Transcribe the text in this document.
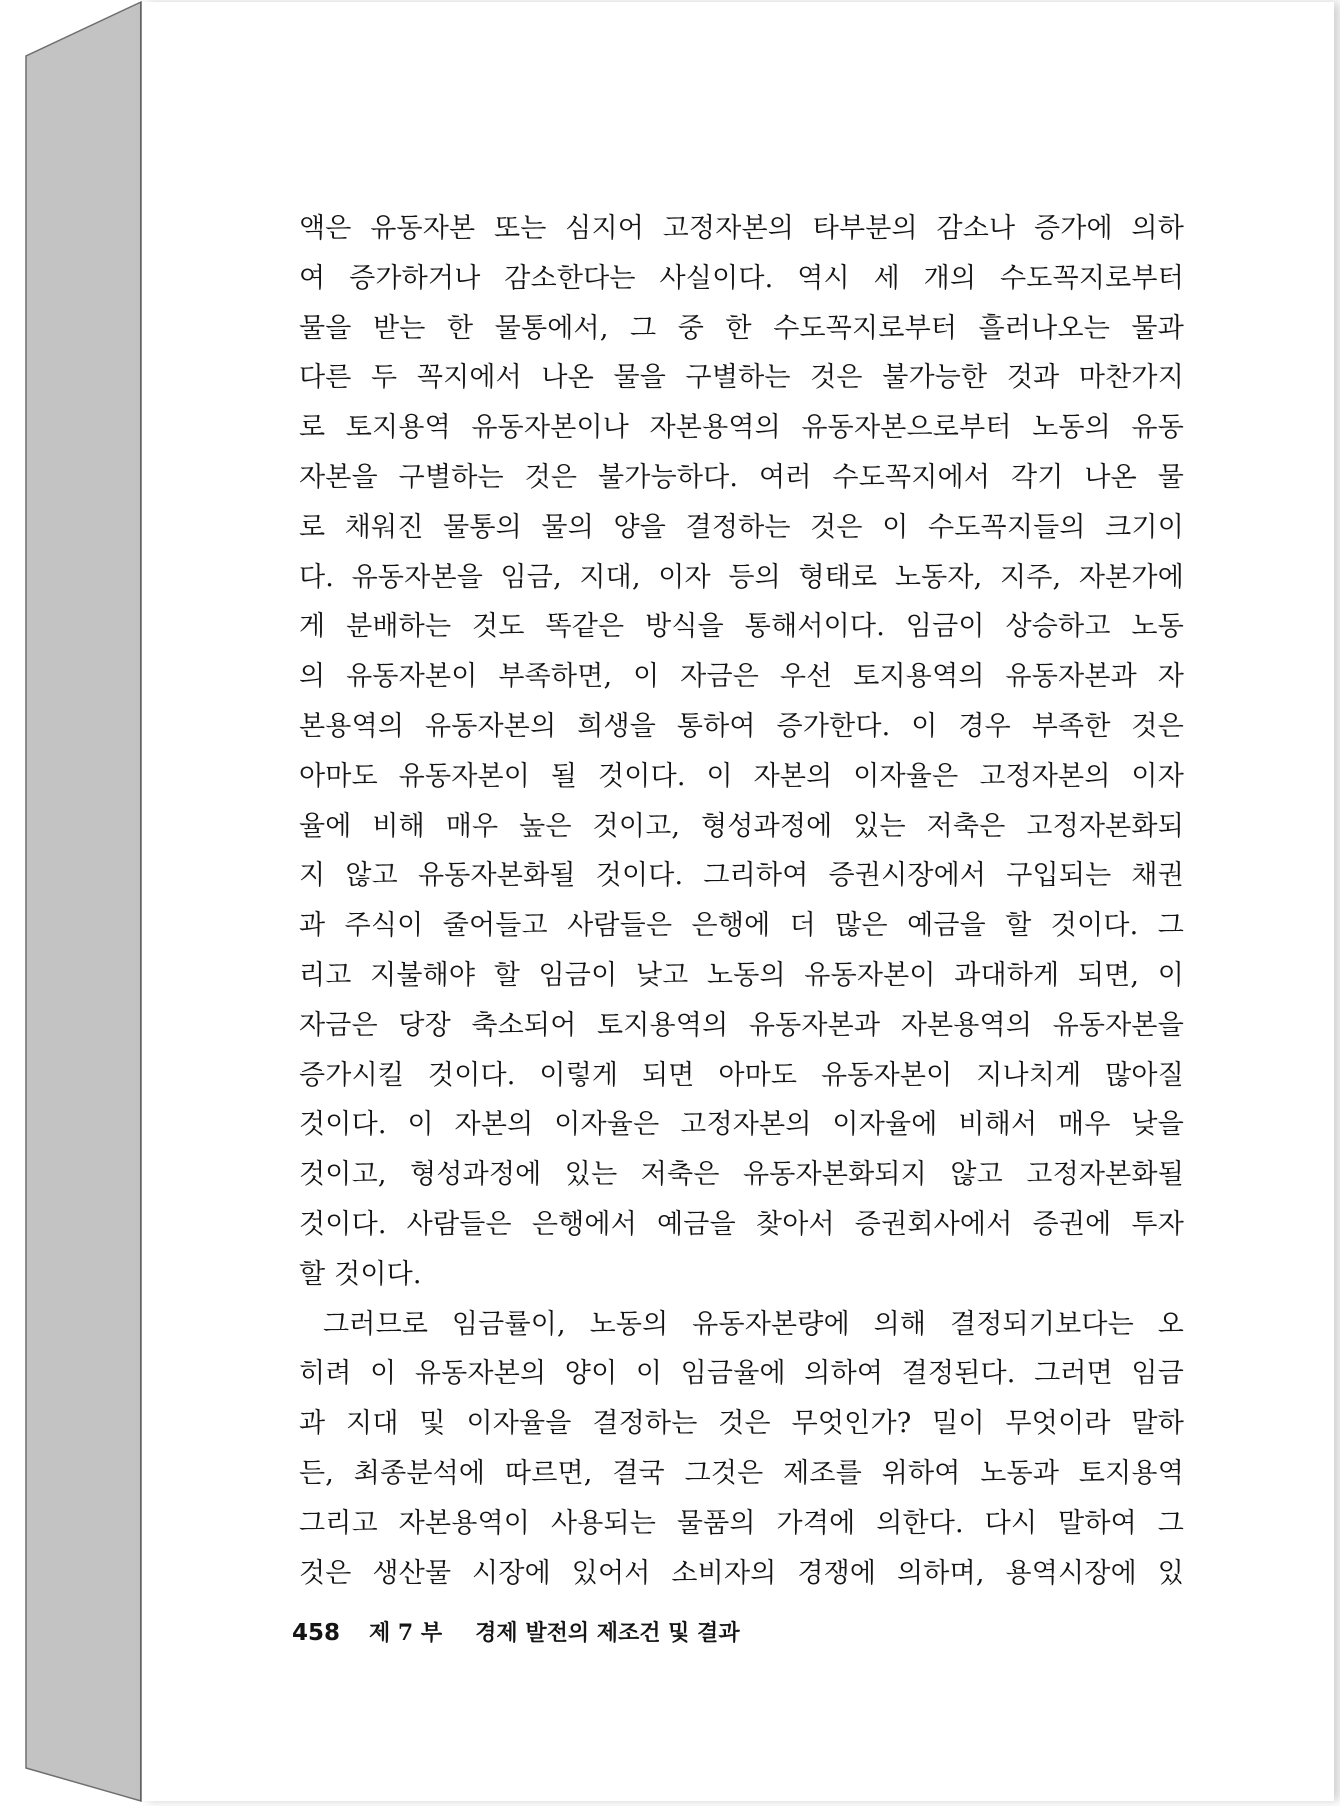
액은 유동자본 또는 심지어 고정자본의 타부분의 감소나 증가에 의하
여 증가하거나 감소한다는 사실이다. 역시 세 개의 수도꼭지로부터
물을 받는 한 물통에서, 그 중 한 수도꼭지로부터 흘러나오는 물과
다른 두 꼭지에서 나온 물을 구별하는 것은 불가능한 것과 마찬가지
로 토지용역 유동자본이나 자본용역의 유동자본으로부터 노동의 유동
자본을 구별하는 것은 불가능하다. 여러 수도꼭지에서 각기 나온 물
로 채워진 물통의 물의 양을 결정하는 것은 이 수도꼭지들의 크기이
다. 유동자본을 임금, 지대, 이자 등의 형태로 노동자, 지주, 자본가에
게 분배하는 것도 똑같은 방식을 통해서이다. 임금이 상승하고 노동
의 유동자본이 부족하면, 이 자금은 우선 토지용역의 유동자본과 자
본용역의 유동자본의 희생을 통하여 증가한다. 이 경우 부족한 것은
아마도 유동자본이 될 것이다. 이 자본의 이자율은 고정자본의 이자
율에 비해 매우 높은 것이고, 형성과정에 있는 저축은 고정자본화되
지 않고 유동자본화될 것이다. 그리하여 증권시장에서 구입되는 채권
과 주식이 줄어들고 사람들은 은행에 더 많은 예금을 할 것이다. 그
리고 지불해야 할 임금이 낮고 노동의 유동자본이 과대하게 되면, 이
자금은 당장 축소되어 토지용역의 유동자본과 자본용역의 유동자본을
증가시킬 것이다. 이렇게 되면 아마도 유동자본이 지나치게 많아질
것이다. 이 자본의 이자율은 고정자본의 이자율에 비해서 매우 낮을
것이고, 형성과정에 있는 저축은 유동자본화되지 않고 고정자본화될
것이다. 사람들은 은행에서 예금을 찾아서 증권회사에서 증권에 투자
할 것이다.
그러므로 임금률이, 노동의 유동자본량에 의해 결정되기보다는 오
히려 이 유동자본의 양이 이 임금율에 의하여 결정된다. 그러면 임금
과 지대 및 이자율을 결정하는 것은 무엇인가? 밀이 무엇이라 말하
든, 최종분석에 따르면, 결국 그것은 제조를 위하여 노동과 토지용역
그리고 자본용역이 사용되는 물품의 가격에 의한다. 다시 말하여 그
것은 생산물 시장에 있어서 소비자의 경쟁에 의하며, 용역시장에 있
458 제 7 부 경제 발전의 제조건 및 결과
